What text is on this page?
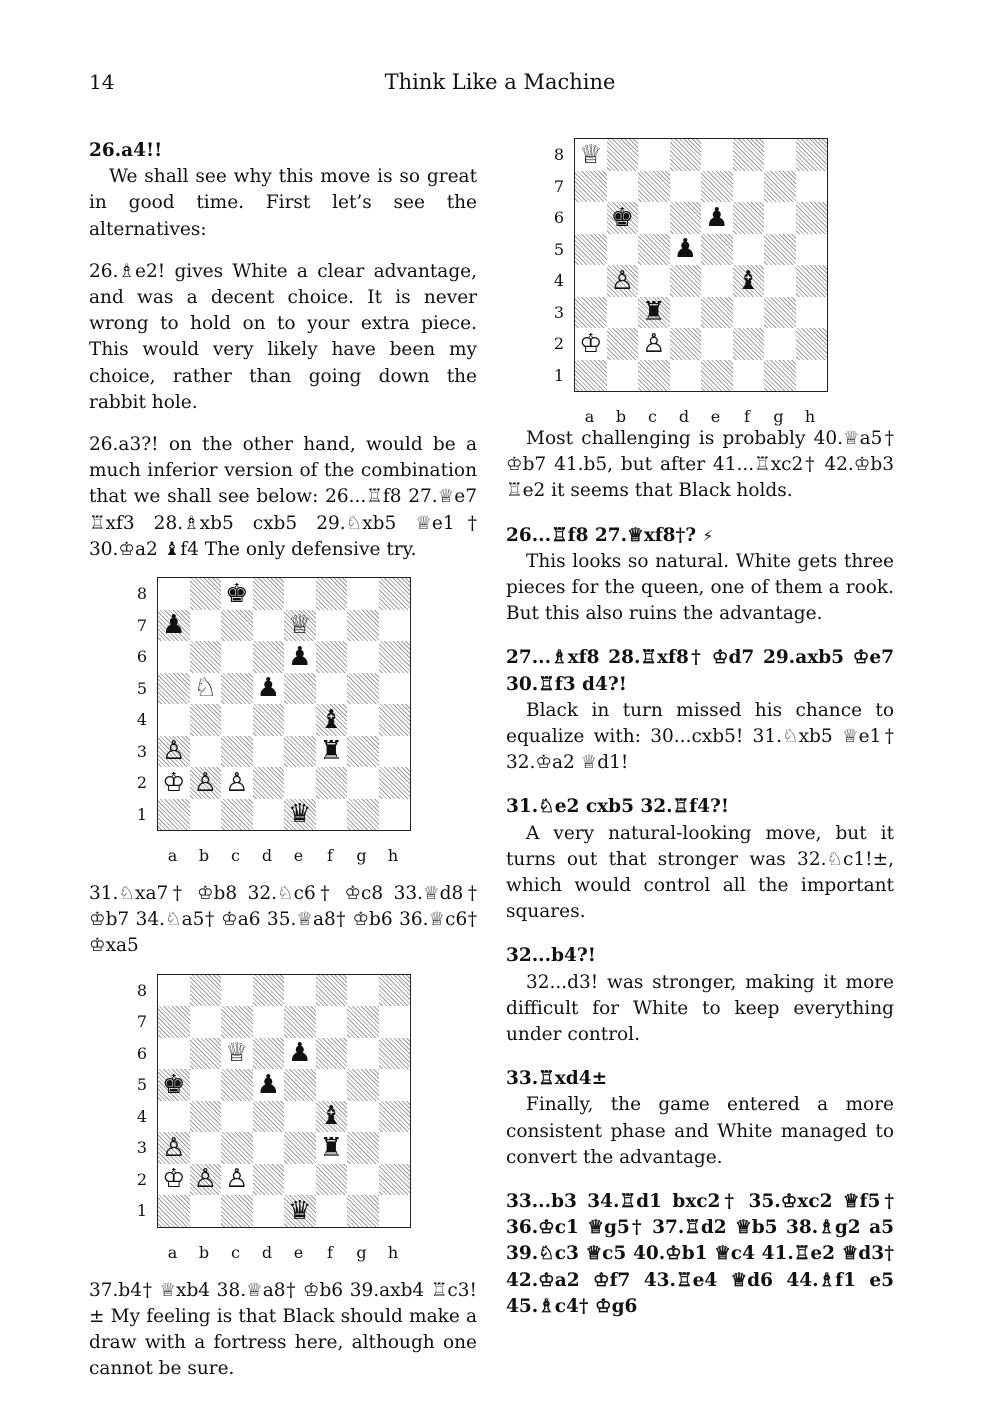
14	Think Like a Machine

26.a4!!

We shall see why this move is so great in good time. First let’s see the alternatives:

26.♗e2! gives White a clear advantage, and was a decent choice. It is never wrong to hold on to your extra piece. This would very likely have been my choice, rather than going down the rabbit hole.

26.a3?! on the other hand, would be a much inferior version of the combination that we shall see below: 26...♖f8 27.♕e7 ♖xf3 28.♗xb5 cxb5 29.♘xb5 ♕e1† 30.♔a2 ♝f4 The only defensive try.

♚
♟	♕
♟
♘ ♟
♝
♙	♜
♔ ♙ ♙
♛
8
7
6
5
4
3
2
1
a	b	c	d	e	f	g	h

31.♘xa7† ♔b8 32.♘c6† ♔c8 33.♕d8† ♔b7 34.♘a5† ♔a6 35.♕a8† ♔b6 36.♕c6† ♔xa5

♕ ♟
♚	♟
♝
♙	♜
♔ ♙ ♙
♛
8
7
6
5
4
3
2
1
a	b	c	d	e	f	g	h

37.b4† ♕xb4 38.♕a8† ♔b6 39.axb4 ♖c3!± My feeling is that Black should make a draw with a fortress here, although one cannot be sure.

♕
♚	♟
♟
♙	♝
♜
♔ ♙
8
7
6
5
4
3
2
1
a	b	c	d	e	f	g	h

Most challenging is probably 40.♕a5† ♔b7 41.b5, but after 41...♖xc2† 42.♔b3 ♖e2 it seems that Black holds.

26...♖f8 27.♕xf8†? ⚡

This looks so natural. White gets three pieces for the queen, one of them a rook. But this also ruins the advantage.

27...♗xf8 28.♖xf8† ♔d7 29.axb5 ♔e7 30.♖f3 d4?!

Black in turn missed his chance to equalize with: 30...cxb5! 31.♘xb5 ♕e1† 32.♔a2 ♕d1!

31.♘e2 cxb5 32.♖f4?!

A very natural-looking move, but it turns out that stronger was 32.♘c1!±, which would control all the important squares.

32...b4?!

32...d3! was stronger, making it more difficult for White to keep everything under control.

33.♖xd4±

Finally, the game entered a more consistent phase and White managed to convert the advantage.

33...b3 34.♖d1 bxc2† 35.♔xc2 ♕f5† 36.♔c1 ♕g5† 37.♖d2 ♕b5 38.♗g2 a5 39.♘c3 ♕c5 40.♔b1 ♕c4 41.♖e2 ♕d3† 42.♔a2 ♔f7 43.♖e4 ♕d6 44.♗f1 e5 45.♗c4† ♔g6
